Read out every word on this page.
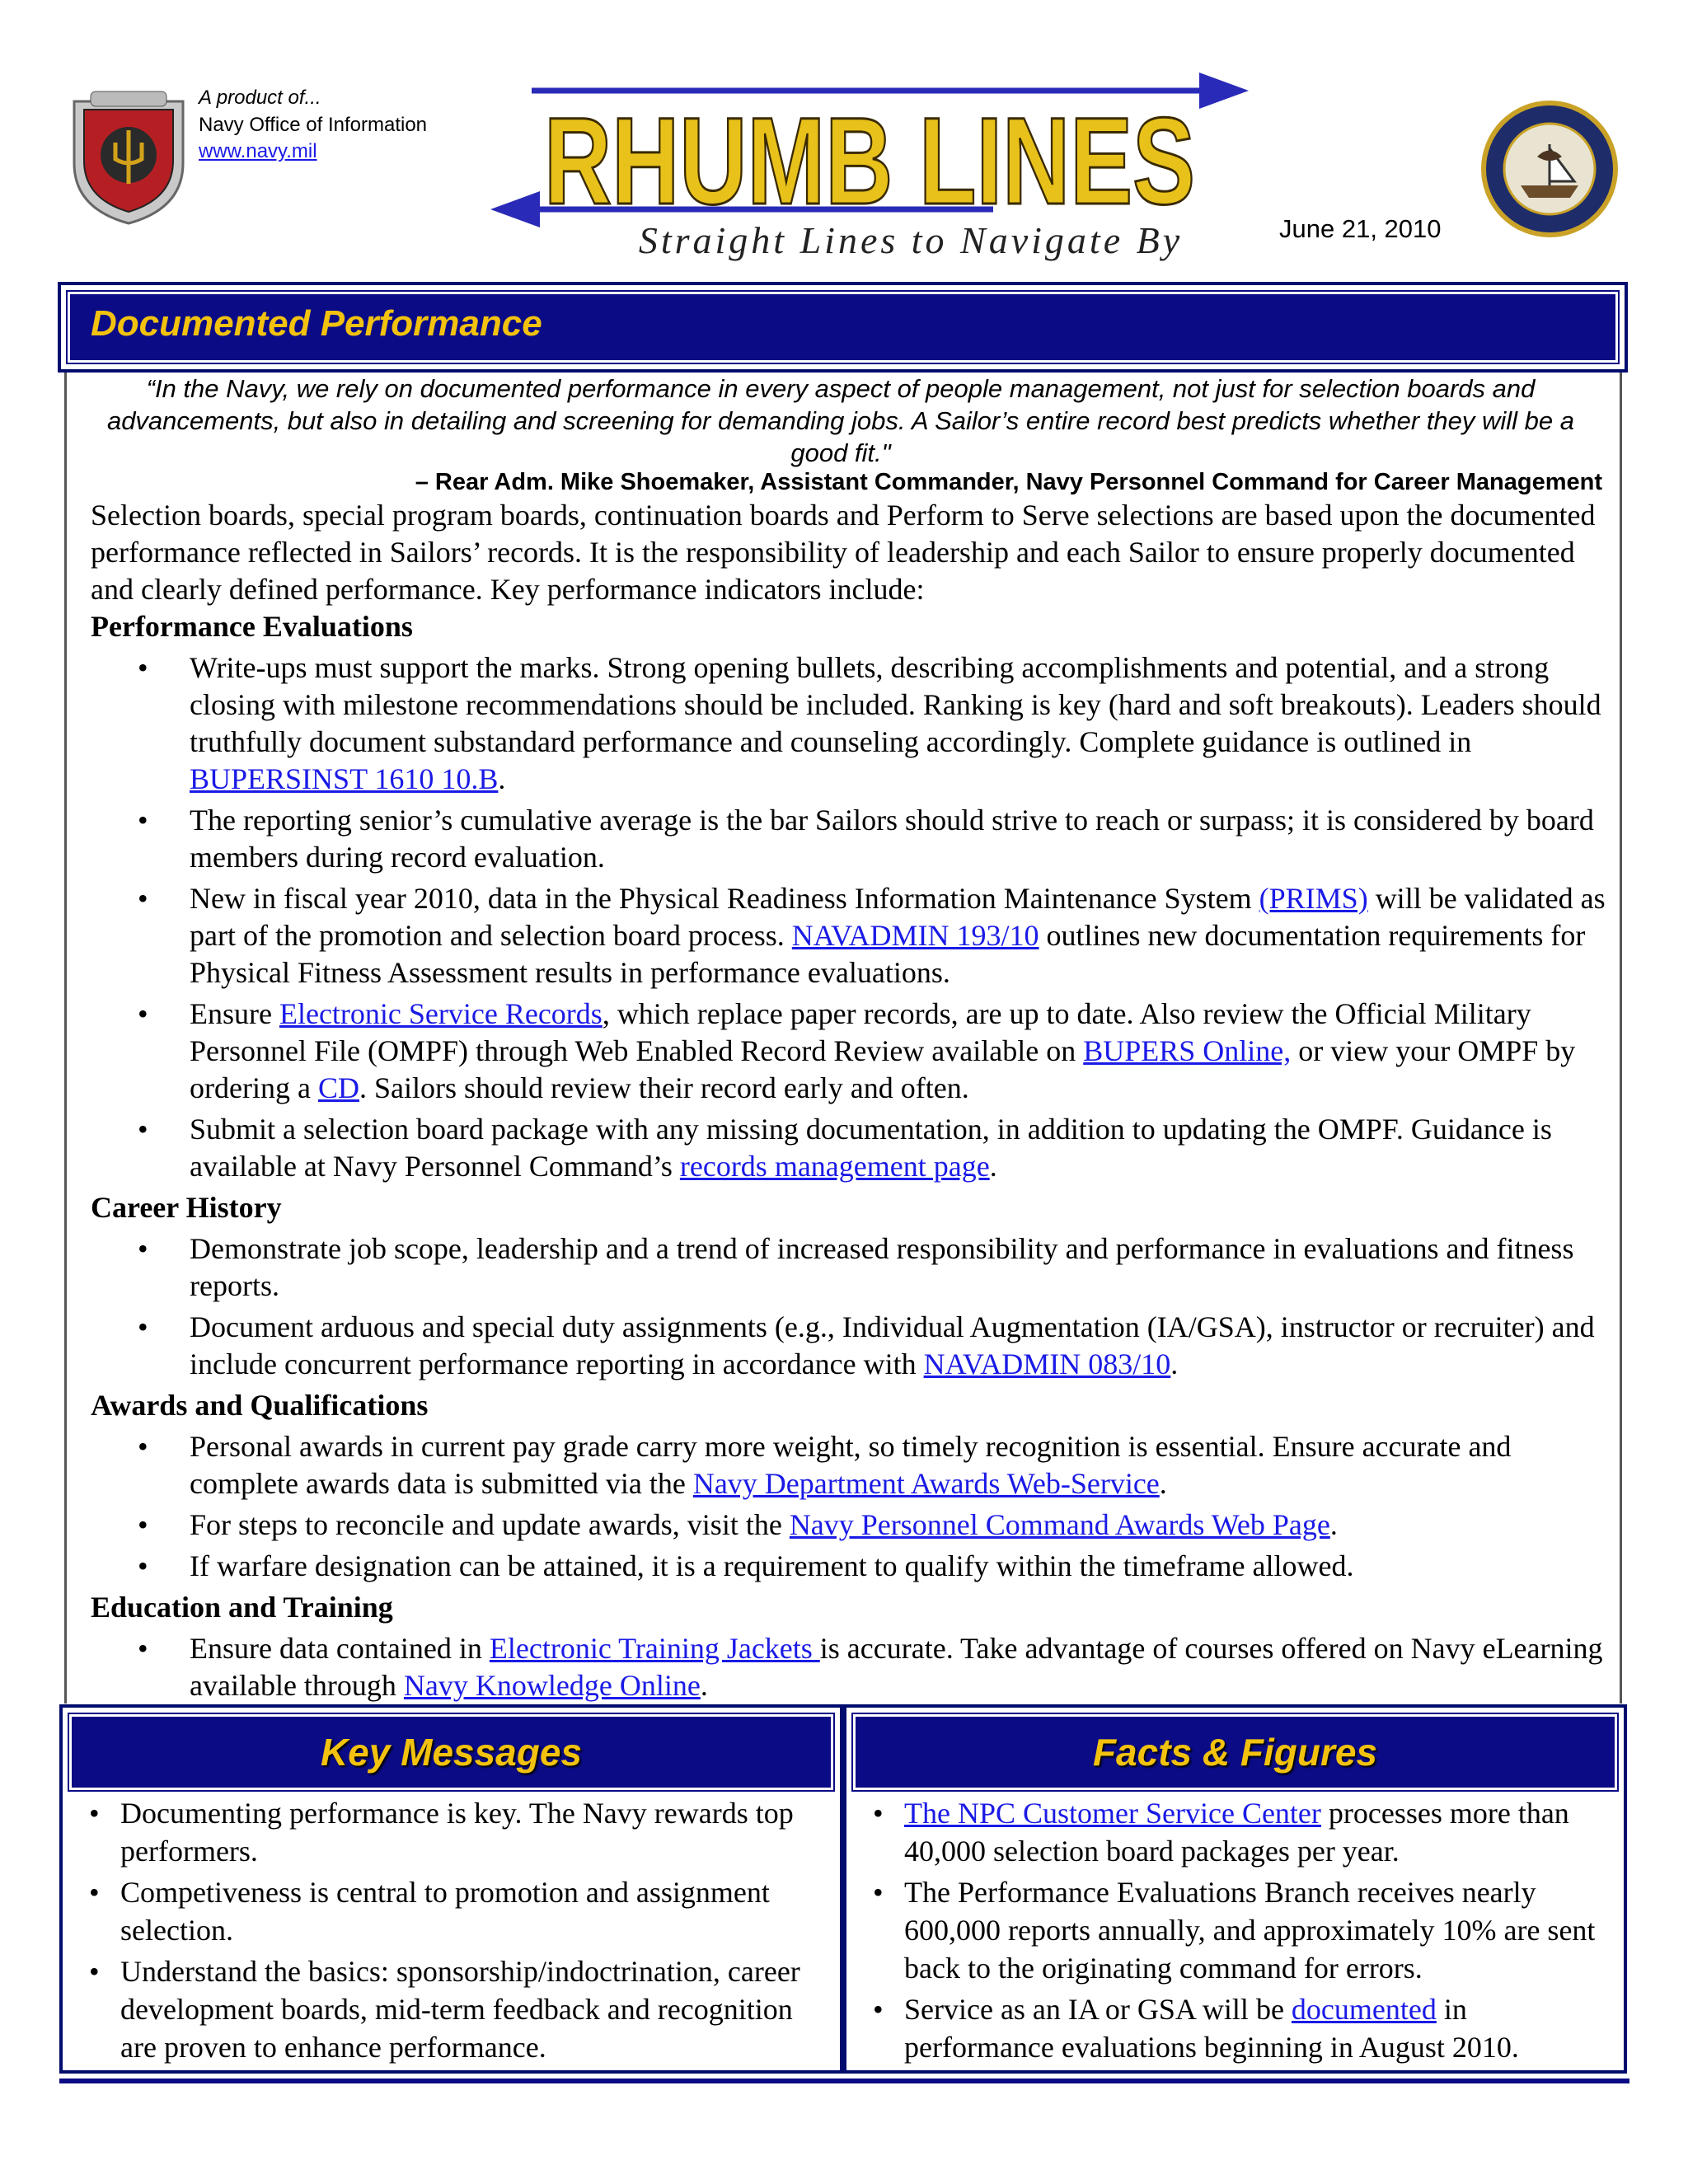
A product of...
Navy Office of Information
www.navy.mil	RHUMB LINES
Straight Lines to Navigate By	June 21, 2010
Documented Performance
“In the Navy, we rely on documented performance in every aspect of people management, not just for selection boards and advancements, but also in detailing and screening for demanding jobs. A Sailor’s entire record best predicts whether they will be a good fit."
– Rear Adm. Mike Shoemaker, Assistant Commander, Navy Personnel Command for Career Management

Selection boards, special program boards, continuation boards and Perform to Serve selections are based upon the documented performance reflected in Sailors’ records. It is the responsibility of leadership and each Sailor to ensure properly documented and clearly defined performance. Key performance indicators include:

Performance Evaluations
• Write-ups must support the marks. Strong opening bullets, describing accomplishments and potential, and a strong closing with milestone recommendations should be included. Ranking is key (hard and soft breakouts). Leaders should truthfully document substandard performance and counseling accordingly. Complete guidance is outlined in BUPERSINST 1610 10.B.
• The reporting senior’s cumulative average is the bar Sailors should strive to reach or surpass; it is considered by board members during record evaluation.
• New in fiscal year 2010, data in the Physical Readiness Information Maintenance System (PRIMS) will be validated as part of the promotion and selection board process. NAVADMIN 193/10 outlines new documentation requirements for Physical Fitness Assessment results in performance evaluations.
• Ensure Electronic Service Records, which replace paper records, are up to date. Also review the Official Military Personnel File (OMPF) through Web Enabled Record Review available on BUPERS Online, or view your OMPF by ordering a CD. Sailors should review their record early and often.
• Submit a selection board package with any missing documentation, in addition to updating the OMPF. Guidance is available at Navy Personnel Command’s records management page.
Career History
• Demonstrate job scope, leadership and a trend of increased responsibility and performance in evaluations and fitness reports.
• Document arduous and special duty assignments (e.g., Individual Augmentation (IA/GSA), instructor or recruiter) and include concurrent performance reporting in accordance with NAVADMIN 083/10.
Awards and Qualifications
• Personal awards in current pay grade carry more weight, so timely recognition is essential. Ensure accurate and complete awards data is submitted via the Navy Department Awards Web-Service.
• For steps to reconcile and update awards, visit the Navy Personnel Command Awards Web Page.
• If warfare designation can be attained, it is a requirement to qualify within the timeframe allowed.
Education and Training
• Ensure data contained in Electronic Training Jackets is accurate. Take advantage of courses offered on Navy eLearning available through Navy Knowledge Online.
Key Messages
• Documenting performance is key. The Navy rewards top performers.
• Competiveness is central to promotion and assignment selection.
• Understand the basics: sponsorship/indoctrination, career development boards, mid-term feedback and recognition are proven to enhance performance.
Facts & Figures
• The NPC Customer Service Center processes more than 40,000 selection board packages per year.
• The Performance Evaluations Branch receives nearly 600,000 reports annually, and approximately 10% are sent back to the originating command for errors.
• Service as an IA or GSA will be documented in performance evaluations beginning in August 2010.
